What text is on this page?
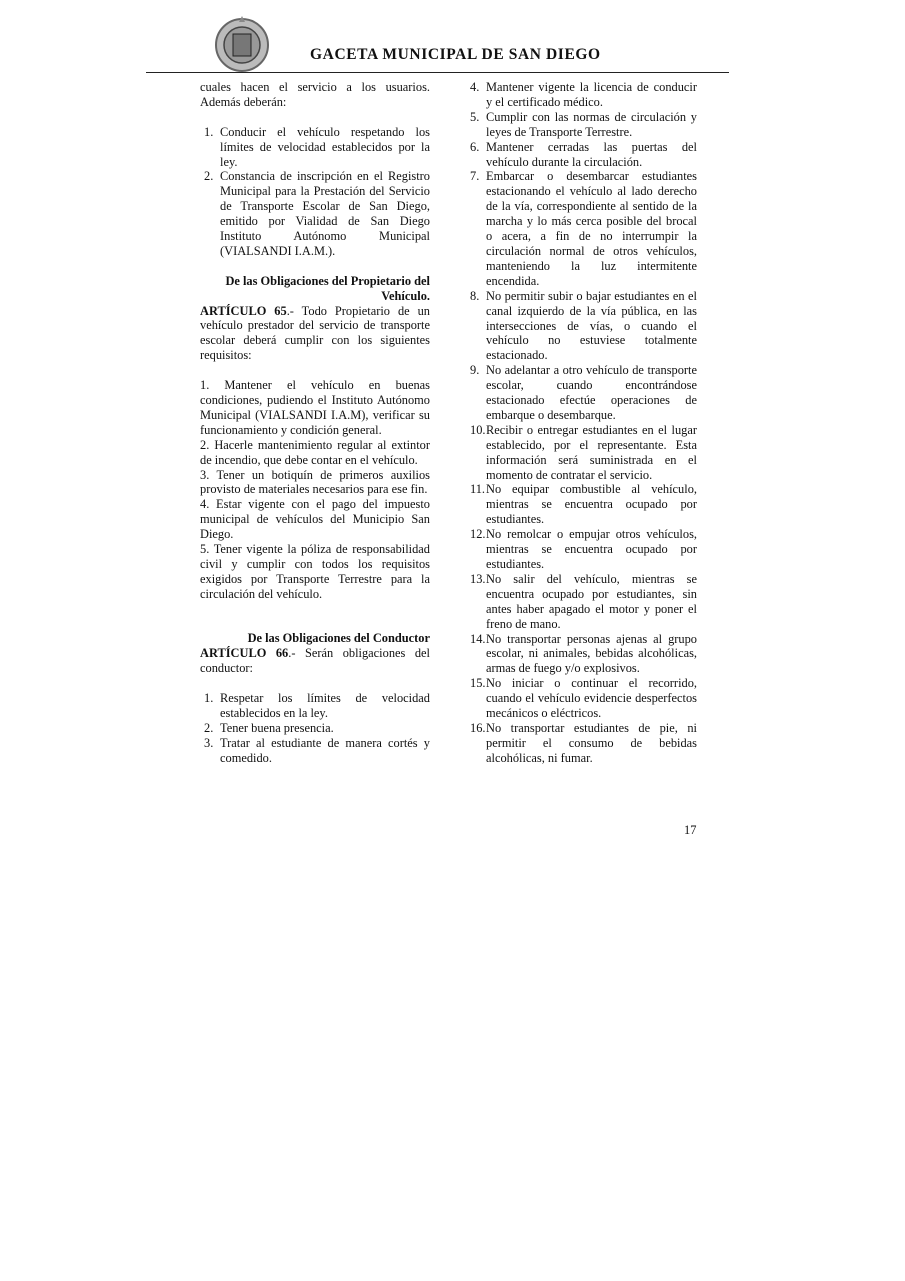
GACETA MUNICIPAL DE SAN DIEGO

cuales hacen el servicio a los usuarios. Además deberán:

1. Conducir el vehículo respetando los límites de velocidad establecidos por la ley.
2. Constancia de inscripción en el Registro Municipal para la Prestación del Servicio de Transporte Escolar de San Diego, emitido por Vialidad de San Diego Instituto Autónomo Municipal (VIALSANDI I.A.M.).

De las Obligaciones del Propietario del Vehículo.

ARTÍCULO 65.- Todo Propietario de un vehículo prestador del servicio de transporte escolar deberá cumplir con los siguientes requisitos:

1. Mantener el vehículo en buenas condiciones, pudiendo el Instituto Autónomo Municipal (VIALSANDI I.A.M), verificar su funcionamiento y condición general.

2. Hacerle mantenimiento regular al extintor de incendio, que debe contar en el vehículo.

3. Tener un botiquín de primeros auxilios provisto de materiales necesarios para ese fin.

4. Estar vigente con el pago del impuesto municipal de vehículos del Municipio San Diego.

5. Tener vigente la póliza de responsabilidad civil y cumplir con todos los requisitos exigidos por Transporte Terrestre para la circulación del vehículo.

De las Obligaciones del Conductor

ARTÍCULO 66.- Serán obligaciones del conductor:

1. Respetar los límites de velocidad establecidos en la ley.
2. Tener buena presencia.
3. Tratar al estudiante de manera cortés y comedido.
4. Mantener vigente la licencia de conducir y el certificado médico.
5. Cumplir con las normas de circulación y leyes de Transporte Terrestre.
6. Mantener cerradas las puertas del vehículo durante la circulación.
7. Embarcar o desembarcar estudiantes estacionando el vehículo al lado derecho de la vía, correspondiente al sentido de la marcha y lo más cerca posible del brocal o acera, a fin de no interrumpir la circulación normal de otros vehículos, manteniendo la luz intermitente encendida.
8. No permitir subir o bajar estudiantes en el canal izquierdo de la vía pública, en las intersecciones de vías, o cuando el vehículo no estuviese totalmente estacionado.
9. No adelantar a otro vehículo de transporte escolar, cuando encontrándose estacionado efectúe operaciones de embarque o desembarque.
10. Recibir o entregar estudiantes en el lugar establecido, por el representante. Esta información será suministrada en el momento de contratar el servicio.
11. No equipar combustible al vehículo, mientras se encuentra ocupado por estudiantes.
12. No remolcar o empujar otros vehículos, mientras se encuentra ocupado por estudiantes.
13. No salir del vehículo, mientras se encuentra ocupado por estudiantes, sin antes haber apagado el motor y poner el freno de mano.
14. No transportar personas ajenas al grupo escolar, ni animales, bebidas alcohólicas, armas de fuego y/o explosivos.
15. No iniciar o continuar el recorrido, cuando el vehículo evidencie desperfectos mecánicos o eléctricos.
16. No transportar estudiantes de pie, ni permitir el consumo de bebidas alcohólicas, ni fumar.
17
